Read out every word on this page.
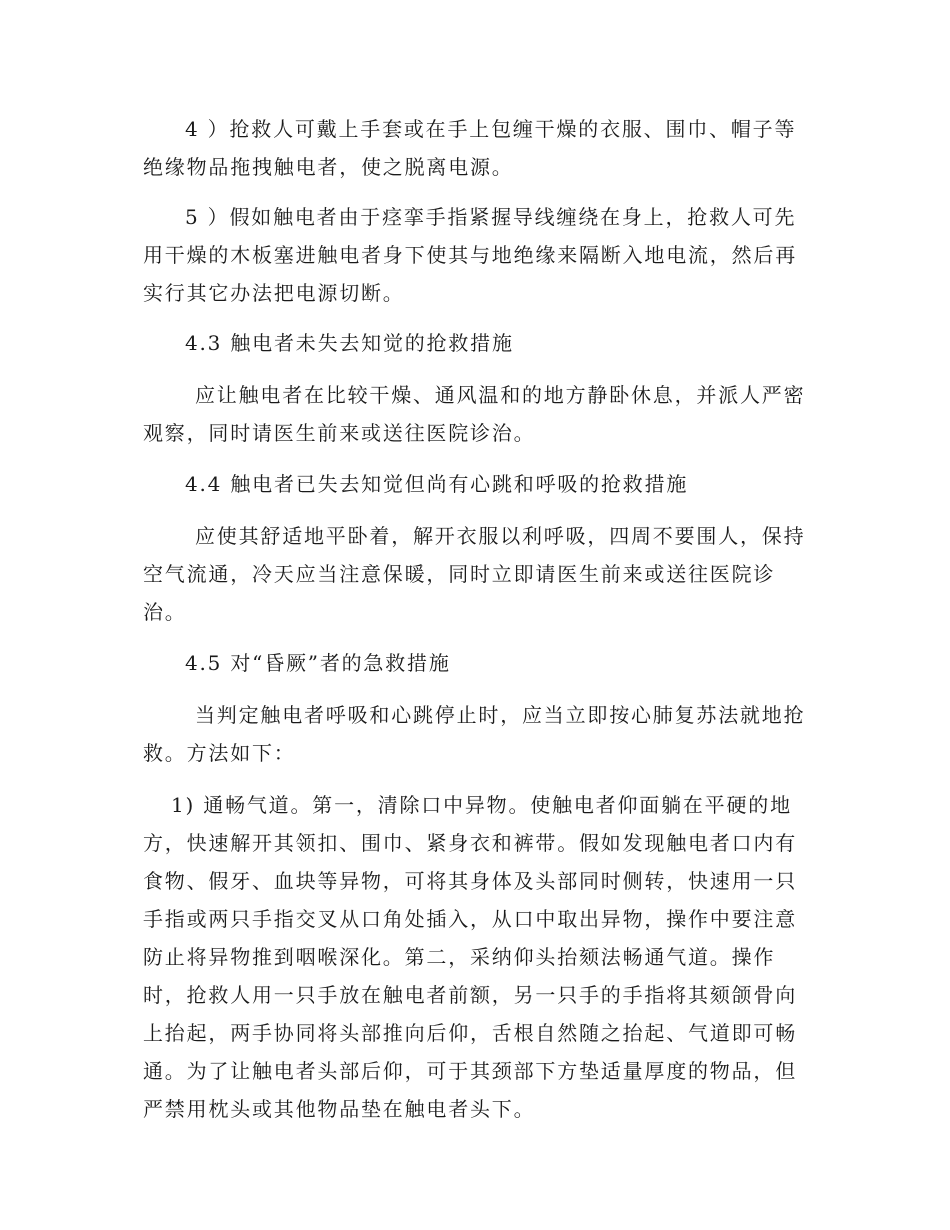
4 ）抢救人可戴上手套或在手上包缠干燥的衣服、围巾、帽子等
绝缘物品拖拽触电者，使之脱离电源。
5 ）假如触电者由于痉挛手指紧握导线缠绕在身上，抢救人可先
用干燥的木板塞进触电者身下使其与地绝缘来隔断入地电流，然后再
实行其它办法把电源切断。
4.3 触电者未失去知觉的抢救措施
应让触电者在比较干燥、通风温和的地方静卧休息，并派人严密
观察，同时请医生前来或送往医院诊治。
4.4 触电者已失去知觉但尚有心跳和呼吸的抢救措施
应使其舒适地平卧着，解开衣服以利呼吸，四周不要围人，保持
空气流通，冷天应当注意保暖，同时立即请医生前来或送往医院诊
治。
4.5 对“昏厥”者的急救措施
当判定触电者呼吸和心跳停止时，应当立即按心肺复苏法就地抢
救。方法如下：
1) 通畅气道。第一，清除口中异物。使触电者仰面躺在平硬的地
方，快速解开其领扣、围巾、紧身衣和裤带。假如发现触电者口内有
食物、假牙、血块等异物，可将其身体及头部同时侧转，快速用一只
手指或两只手指交叉从口角处插入，从口中取出异物，操作中要注意
防止将异物推到咽喉深化。第二，采纳仰头抬颏法畅通气道。操作
时，抢救人用一只手放在触电者前额，另一只手的手指将其颏颌骨向
上抬起，两手协同将头部推向后仰，舌根自然随之抬起、气道即可畅
通。为了让触电者头部后仰，可于其颈部下方垫适量厚度的物品，但
严禁用枕头或其他物品垫在触电者头下。
